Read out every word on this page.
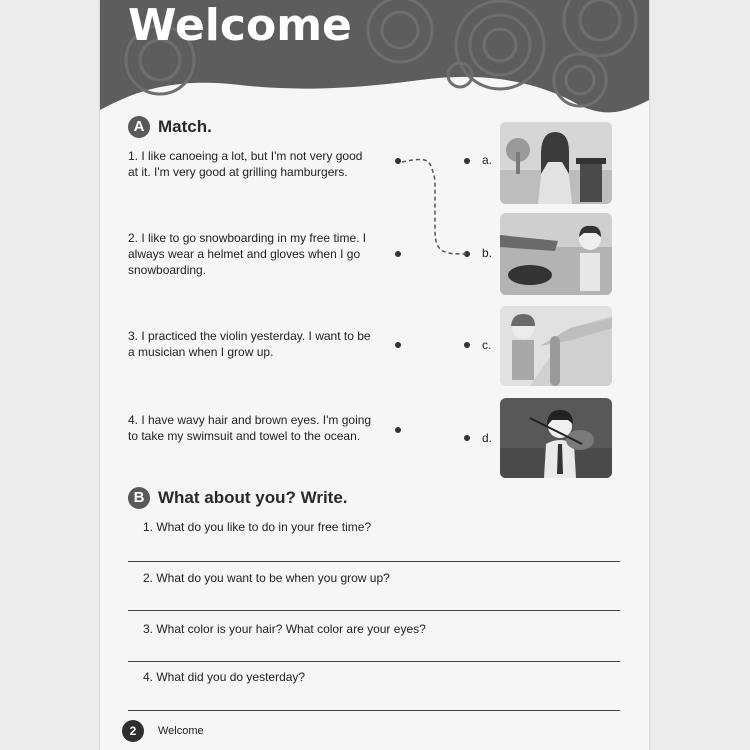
Welcome
A Match.
1. I like canoeing a lot, but I'm not very good at it. I'm very good at grilling hamburgers.
2. I like to go snowboarding in my free time. I always wear a helmet and gloves when I go snowboarding.
3. I practiced the violin yesterday. I want to be a musician when I grow up.
4. I have wavy hair and brown eyes. I'm going to take my swimsuit and towel to the ocean.
a.
b.
c.
d.
B What about you? Write.
1. What do you like to do in your free time?
2. What do you want to be when you grow up?
3. What color is your hair? What color are your eyes?
4. What did you do yesterday?
2	Welcome
